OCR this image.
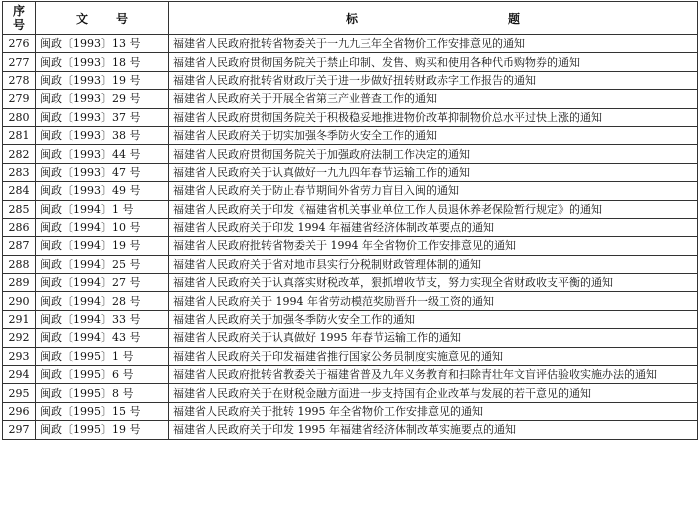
序
号	文号	标题
276	闽政〔1993〕13 号	福建省人民政府批转省物委关于一九九三年全省物价工作安排意见的通知
277	闽政〔1993〕18 号	福建省人民政府贯彻国务院关于禁止印制、发售、购买和使用各种代币购物券的通知
278	闽政〔1993〕19 号	福建省人民政府批转省财政厅关于进一步做好扭转财政赤字工作报告的通知
279	闽政〔1993〕29 号	福建省人民政府关于开展全省第三产业普查工作的通知
280	闽政〔1993〕37 号	福建省人民政府贯彻国务院关于积极稳妥地推进物价改革抑制物价总水平过快上涨的通知
281	闽政〔1993〕38 号	福建省人民政府关于切实加强冬季防火安全工作的通知
282	闽政〔1993〕44 号	福建省人民政府贯彻国务院关于加强政府法制工作决定的通知
283	闽政〔1993〕47 号	福建省人民政府关于认真做好一九九四年春节运输工作的通知
284	闽政〔1993〕49 号	福建省人民政府关于防止春节期间外省劳力盲目入闽的通知
285	闽政〔1994〕1 号	福建省人民政府关于印发《福建省机关事业单位工作人员退休养老保险暂行规定》的通知
286	闽政〔1994〕10 号	福建省人民政府关于印发 1994 年福建省经济体制改革要点的通知
287	闽政〔1994〕19 号	福建省人民政府批转省物委关于 1994 年全省物价工作安排意见的通知
288	闽政〔1994〕25 号	福建省人民政府关于省对地市县实行分税制财政管理体制的通知
289	闽政〔1994〕27 号	福建省人民政府关于认真落实财税改革，狠抓增收节支，努力实现全省财政收支平衡的通知
290	闽政〔1994〕28 号	福建省人民政府关于 1994 年省劳动模范奖励晋升一级工资的通知
291	闽政〔1994〕33 号	福建省人民政府关于加强冬季防火安全工作的通知
292	闽政〔1994〕43 号	福建省人民政府关于认真做好 1995 年春节运输工作的通知
293	闽政〔1995〕1 号	福建省人民政府关于印发福建省推行国家公务员制度实施意见的通知
294	闽政〔1995〕6 号	福建省人民政府批转省教委关于福建省普及九年义务教育和扫除青壮年文盲评估验收实施办法的通知
295	闽政〔1995〕8 号	福建省人民政府关于在财税金融方面进一步支持国有企业改革与发展的若干意见的通知
296	闽政〔1995〕15 号	福建省人民政府关于批转 1995 年全省物价工作安排意见的通知
297	闽政〔1995〕19 号	福建省人民政府关于印发 1995 年福建省经济体制改革实施要点的通知
